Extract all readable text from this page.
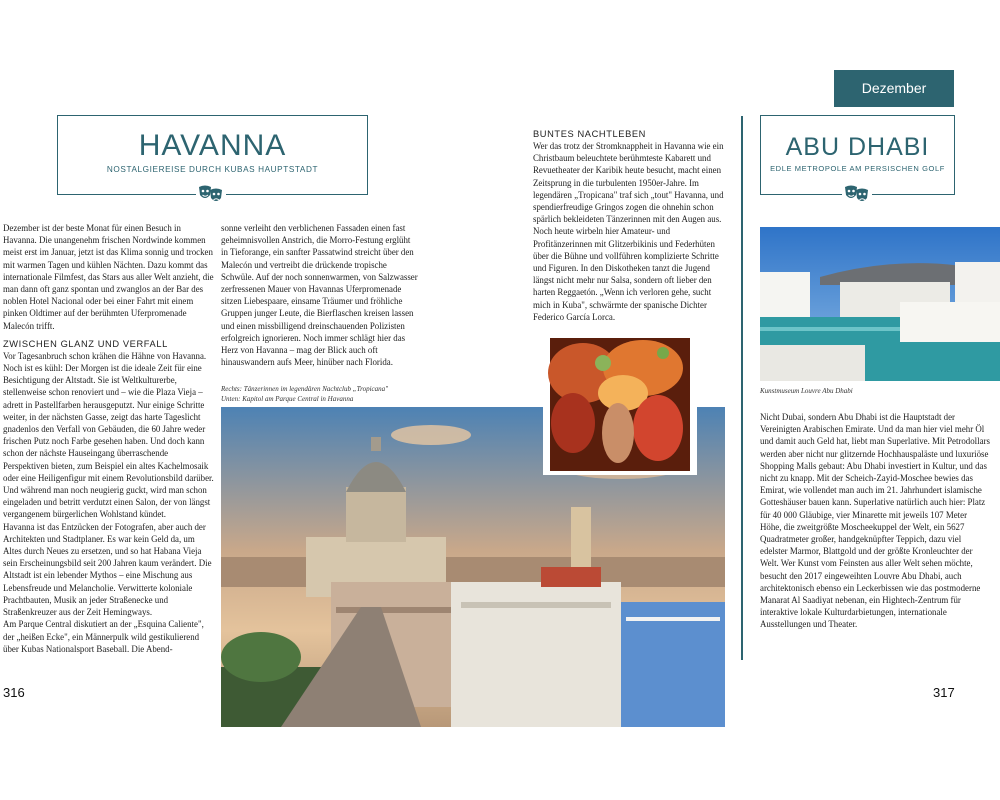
HAVANNA
NOSTALGIEREISE DURCH KUBAS HAUPTSTADT

Dezember ist der beste Monat für einen Besuch in Havanna. Die unangenehm frischen Nordwinde kommen meist erst im Januar, jetzt ist das Klima sonnig und trocken mit warmen Tagen und kühlen Nächten. Dazu kommt das internationale Filmfest, das Stars aus aller Welt anzieht, die man dann oft ganz spontan und zwanglos an der Bar des noblen Hotel Nacional oder bei einer Fahrt mit einem pinken Oldtimer auf der berühmten Uferpromenade Malecón trifft.

ZWISCHEN GLANZ UND VERFALL

Vor Tagesanbruch schon krähen die Hähne von Havanna. Noch ist es kühl: Der Morgen ist die ideale Zeit für eine Besichtigung der Altstadt. Sie ist Weltkulturerbe, stellenweise schon renoviert und – wie die Plaza Vieja – adrett in Pastellfarben herausgeputzt. Nur einige Schritte weiter, in der nächsten Gasse, zeigt das harte Tageslicht gnadenlos den Verfall von Gebäuden, die 60 Jahre weder frischen Putz noch Farbe gesehen haben. Und doch kann schon der nächste Hauseingang überraschende Perspektiven bieten, zum Beispiel ein altes Kachelmosaik oder eine Heiligenfigur mit einem Revolutionsbild darüber. Und während man noch neugierig guckt, wird man schon eingeladen und betritt verdutzt einen Salon, der von längst vergangenem bürgerlichen Wohlstand kündet.

Havanna ist das Entzücken der Fotografen, aber auch der Architekten und Stadtplaner. Es war kein Geld da, um Altes durch Neues zu ersetzen, und so hat Habana Vieja sein Erscheinungsbild seit 200 Jahren kaum verändert. Die Altstadt ist ein lebender Mythos – eine Mischung aus Lebensfreude und Melancholie. Verwitterte koloniale Prachtbauten, Musik an jeder Straßenecke und Straßenkreuzer aus der Zeit Hemingways.

Am Parque Central diskutiert an der „Esquina Caliente", der „heißen Ecke", ein Männerpulk wild gestikulierend über Kubas Nationalsport Baseball. Die Abend-

sonne verleiht den verblichenen Fassaden einen fast geheimnisvollen Anstrich, die Morro-Festung erglüht in Tieforange, ein sanfter Passatwind streicht über den Malecón und vertreibt die drückende tropische Schwüle. Auf der noch sonnenwarmen, von Salzwasser zerfressenen Mauer von Havannas Uferpromenade sitzen Liebespaare, einsame Träumer und fröhliche Gruppen junger Leute, die Bierflaschen kreisen lassen und einen missbilligend dreinschauenden Polizisten erfolgreich ignorieren. Noch immer schlägt hier das Herz von Havanna – mag der Blick auch oft hinauswandern aufs Meer, hinüber nach Florida.

Rechts: Tänzerinnen im legendären Nachtclub „Tropicana"
Unten: Kapitol am Parque Central in Havanna
BUNTES NACHTLEBEN

Wer das trotz der Stromknappheit in Havanna wie ein Christbaum beleuchtete berühmteste Kabarett und Revuetheater der Karibik heute besucht, macht einen Zeitsprung in die turbulenten 1950er-Jahre. Im legendären „Tropicana" traf sich „tout" Havanna, und spendierfreudige Gringos zogen die ohnehin schon spärlich bekleideten Tänzerinnen mit den Augen aus. Noch heute wirbeln hier Amateur- und Profitänzerinnen mit Glitzerbikinis und Federhüten über die Bühne und vollführen komplizierte Schritte und Figuren. In den Diskotheken tanzt die Jugend längst nicht mehr nur Salsa, sondern oft lieber den harten Reggaetón. „Wenn ich verloren gehe, sucht mich in Kuba", schwärmte der spanische Dichter Federico García Lorca.

316
Dezember
ABU DHABI
EDLE METROPOLE AM PERSISCHEN GOLF
Kunstmuseum Louvre Abu Dhabi

Nicht Dubai, sondern Abu Dhabi ist die Hauptstadt der Vereinigten Arabischen Emirate. Und da man hier viel mehr Öl und damit auch Geld hat, liebt man Superlative. Mit Petrodollars werden aber nicht nur glitzernde Hochhauspaläste und luxuriöse Shopping Malls gebaut: Abu Dhabi investiert in Kultur, und das nicht zu knapp. Mit der Scheich-Zayid-Moschee bewies das Emirat, wie vollendet man auch im 21. Jahrhundert islamische Gotteshäuser bauen kann. Superlative natürlich auch hier: Platz für 40 000 Gläubige, vier Minarette mit jeweils 107 Meter Höhe, die zweitgrößte Moscheekuppel der Welt, ein 5627 Quadratmeter großer, handgeknüpfter Teppich, dazu viel edelster Marmor, Blattgold und der größte Kronleuchter der Welt. Wer Kunst vom Feinsten aus aller Welt sehen möchte, besucht den 2017 eingeweihten Louvre Abu Dhabi, auch architektonisch ebenso ein Leckerbissen wie das postmoderne Manarat Al Saadiyat nebenan, ein Hightech-Zentrum für interaktive lokale Kulturdarbietungen, internationale Ausstellungen und Theater.

317
